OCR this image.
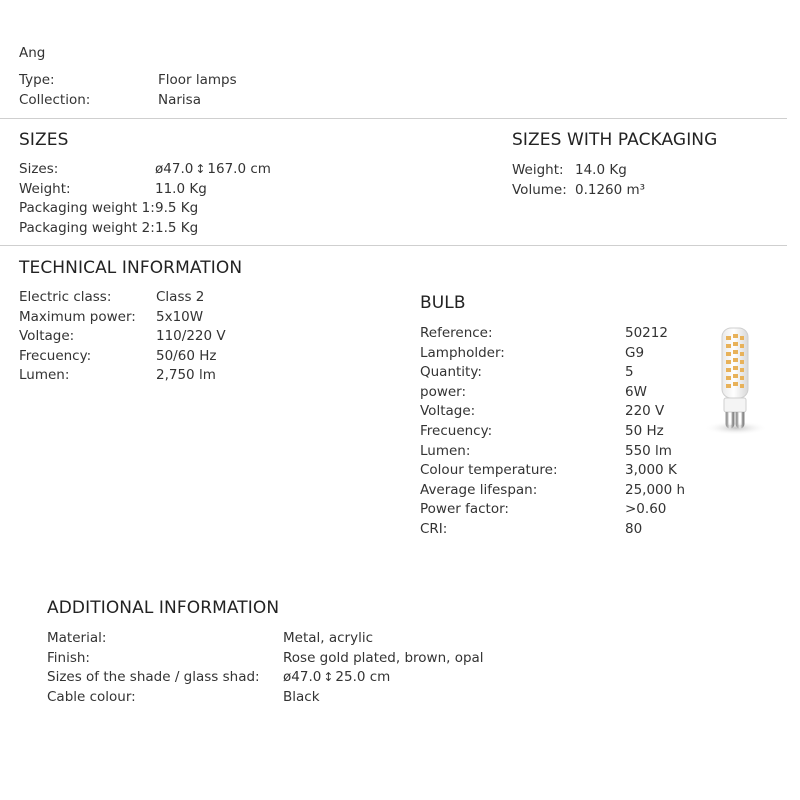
Ang
Type:
Collection:
Floor lamps
Narisa
SIZES
Sizes:
Weight:
Packaging weight 1:
Packaging weight 2:
ø47.0 ↕ 167.0 cm
11.0 Kg
9.5 Kg
1.5 Kg
SIZES WITH PACKAGING
Weight:
Volume:
14.0 Kg
0.1260 m³
TECHNICAL INFORMATION
Electric class:
Maximum power:
Voltage:
Frecuency:
Lumen:
Class 2
5x10W
110/220 V
50/60 Hz
2,750 lm
BULB
Reference:
Lampholder:
Quantity:
power:
Voltage:
Frecuency:
Lumen:
Colour temperature:
Average lifespan:
Power factor:
CRI:
50212
G9
5
6W
220 V
50 Hz
550 lm
3,000 K
25,000 h
>0.60
80
ADDITIONAL INFORMATION
Material:
Finish:
Sizes of the shade / glass shad:
Cable colour:
Metal, acrylic
Rose gold plated, brown, opal
ø47.0 ↕ 25.0 cm
Black
